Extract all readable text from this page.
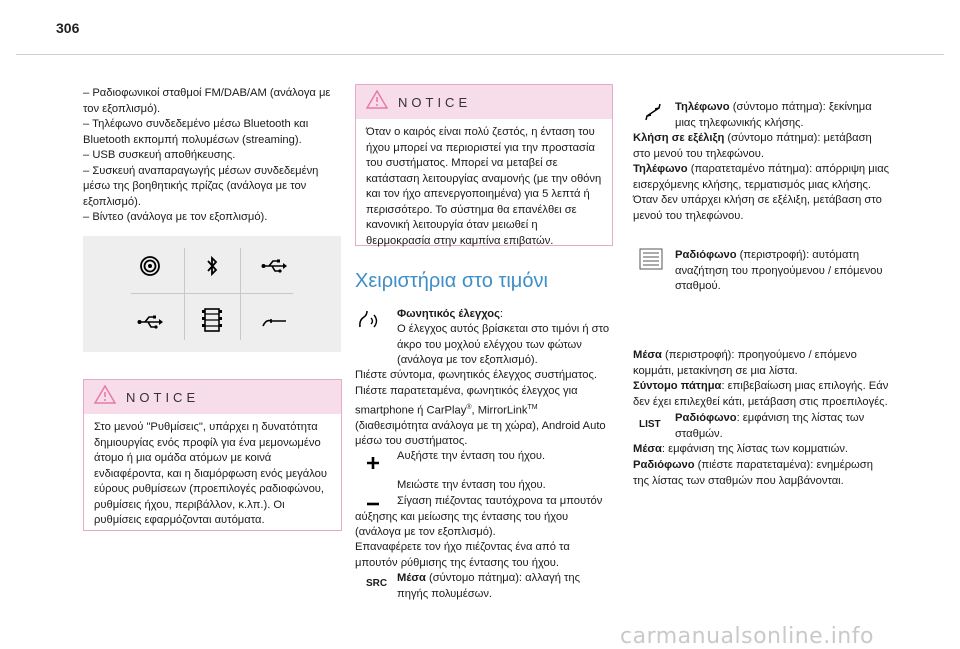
306

– Ραδιοφωνικοί σταθμοί FM/DAB/AM (ανάλογα με τον εξοπλισμό).

– Τηλέφωνο συνδεδεμένο μέσω Bluetooth και Bluetooth εκπομπή πολυμέσων (streaming).

– USB συσκευή αποθήκευσης.

– Συσκευή αναπαραγωγής μέσων συνδεδεμένη μέσω της βοηθητικής πρίζας (ανάλογα με τον εξοπλισμό).

– Βίντεο (ανάλογα με τον εξοπλισμό).

NOTICE
Στο μενού "Ρυθμίσεις", υπάρχει η δυνατότητα δημιουργίας ενός προφίλ για ένα μεμονωμένο άτομο ή μια ομάδα ατόμων με κοινά ενδιαφέροντα, και η διαμόρφωση ενός μεγάλου εύρους ρυθμίσεων (προεπιλογές ραδιοφώνου, ρυθμίσεις ήχου, περιβάλλον, κ.λπ.). Οι ρυθμίσεις εφαρμόζονται αυτόματα.
NOTICE
Όταν ο καιρός είναι πολύ ζεστός, η ένταση του ήχου μπορεί να περιοριστεί για την προστασία του συστήματος. Μπορεί να μεταβεί σε κατάσταση λειτουργίας αναμονής (με την οθόνη και τον ήχο απενεργοποιημένα) για 5 λεπτά ή περισσότερο. Το σύστημα θα επανέλθει σε κανονική λειτουργία όταν μειωθεί η θερμοκρασία στην καμπίνα επιβατών.
Χειριστήρια στο τιμόνι
Φωνητικός έλεγχος:
Ο έλεγχος αυτός βρίσκεται στο τιμόνι ή στο άκρο του μοχλού ελέγχου των φώτων (ανάλογα με τον εξοπλισμό).
Πιέστε σύντομα, φωνητικός έλεγχος συστήματος.
Πιέστε παρατεταμένα, φωνητικός έλεγχος για smartphone ή CarPlay®, MirrorLink™ (διαθεσιμότητα ανάλογα με τη χώρα), Android Auto μέσω του συστήματος.
Αυξήστε την ένταση του ήχου.
Μειώστε την ένταση του ήχου.
Σίγαση πιέζοντας ταυτόχρονα τα μπουτόν αύξησης και μείωσης της έντασης του ήχου (ανάλογα με τον εξοπλισμό).
Επαναφέρετε τον ήχο πιέζοντας ένα από τα μπουτόν ρύθμισης της έντασης του ήχου.
SRC Μέσα (σύντομο πάτημα): αλλαγή της πηγής πολυμέσων.
Τηλέφωνο (σύντομο πάτημα): ξεκίνημα μιας τηλεφωνικής κλήσης.
Κλήση σε εξέλιξη (σύντομο πάτημα): μετάβαση στο μενού του τηλεφώνου.
Τηλέφωνο (παρατεταμένο πάτημα): απόρριψη μιας εισερχόμενης κλήσης, τερματισμός μιας κλήσης. Όταν δεν υπάρχει κλήση σε εξέλιξη, μετάβαση στο μενού του τηλεφώνου.
Ραδιόφωνο (περιστροφή): αυτόματη αναζήτηση του προηγούμενου / επόμενου σταθμού.
Μέσα (περιστροφή): προηγούμενο / επόμενο κομμάτι, μετακίνηση σε μια λίστα.
Σύντομο πάτημα: επιβεβαίωση μιας επιλογής. Εάν δεν έχει επιλεχθεί κάτι, μετάβαση στις προεπιλογές.
LIST
Ραδιόφωνο: εμφάνιση της λίστας των σταθμών.
Μέσα: εμφάνιση της λίστας των κομματιών.
Ραδιόφωνο (πιέστε παρατεταμένα): ενημέρωση της λίστας των σταθμών που λαμβάνονται.
carmanualsonline.info
